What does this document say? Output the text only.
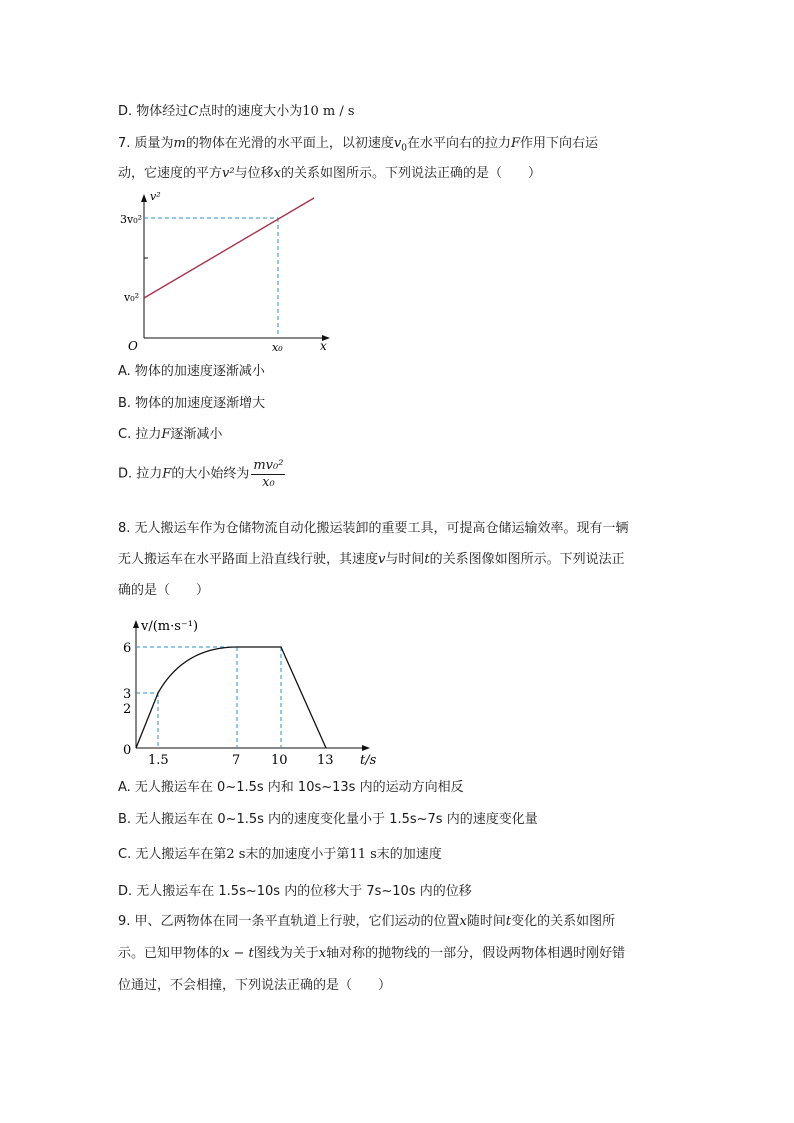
D. 物体经过C点时的速度大小为10 m / s
7. 质量为m的物体在光滑的水平面上，以初速度$v_0$在水平向右的拉力F作用下向右运
动，它速度的平方v²与位移x的关系如图所示。下列说法正确的是（　　）
v²
3v₀²
v₀²
O	x₀	x
A. 物体的加速度逐渐减小
B. 物体的加速度逐渐增大
C. 拉力F逐渐减小
D. 拉力F的大小始终为 $\frac{\text{mv₀²}}{\text{x₀}}$
8. 无人搬运车作为仓储物流自动化搬运装卸的重要工具，可提高仓储运输效率。现有一辆
无人搬运车在水平路面上沿直线行驶，其速度v与时间t的关系图像如图所示。下列说法正
确的是（　　）
v/(m·s⁻¹)
6
3
2
0
1.5	7 10 13 t/s
A. 无人搬运车在 0~1.5s 内和 10s~13s 内的运动方向相反
B. 无人搬运车在 0~1.5s 内的速度变化量小于 1.5s~7s 内的速度变化量
C. 无人搬运车在第2 s末的加速度小于第11 s末的加速度
D. 无人搬运车在 1.5s~10s 内的位移大于 7s~10s 内的位移
9. 甲、乙两物体在同一条平直轨道上行驶，它们运动的位置x随时间t变化的关系如图所
示。已知甲物体的x − t图线为关于x轴对称的抛物线的一部分，假设两物体相遇时刚好错
位通过，不会相撞，下列说法正确的是（　　）
